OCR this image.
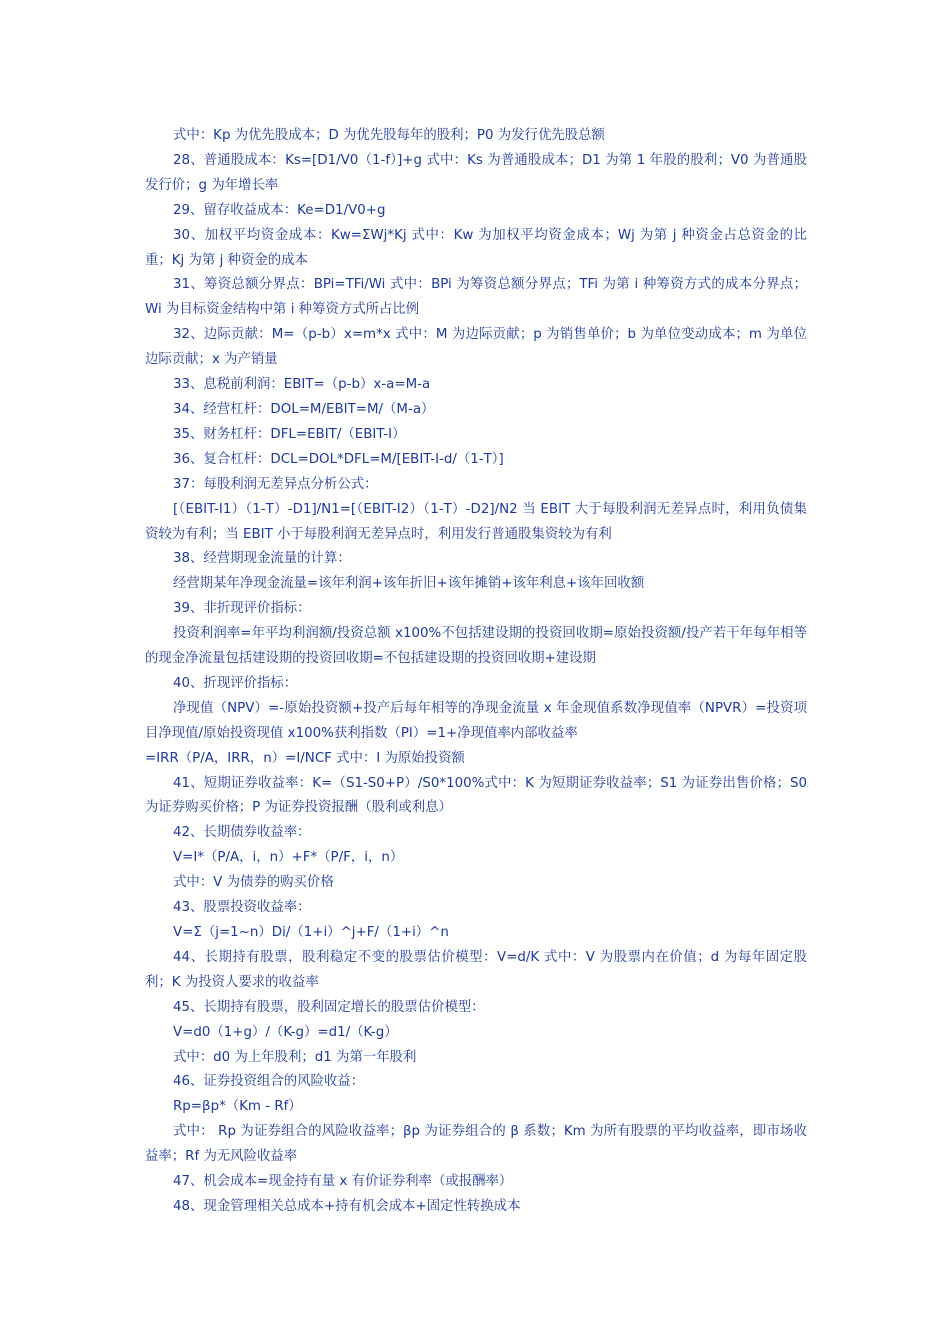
式中：Kp 为优先股成本；D 为优先股每年的股利；P0 为发行优先股总额

28、普通股成本：Ks=[D1/V0（1-f）]+g 式中：Ks 为普通股成本；D1 为第 1 年股的股利；V0 为普通股发行价；g 为年增长率

29、留存收益成本：Ke=D1/V0+g

30、加权平均资金成本：Kw=ΣWj*Kj 式中：Kw 为加权平均资金成本；Wj 为第 j 种资金占总资金的比重；Kj 为第 j 种资金的成本

31、筹资总额分界点：BPi=TFi/Wi 式中：BPi 为筹资总额分界点；TFi 为第 i 种筹资方式的成本分界点；Wi 为目标资金结构中第 i 种筹资方式所占比例

32、边际贡献：M=（p-b）x=m*x 式中：M 为边际贡献；p 为销售单价；b 为单位变动成本；m 为单位边际贡献；x 为产销量

33、息税前利润：EBIT=（p-b）x-a=M-a

34、经营杠杆：DOL=M/EBIT=M/（M-a）

35、财务杠杆：DFL=EBIT/（EBIT-I）

36、复合杠杆：DCL=DOL*DFL=M/[EBIT-I-d/（1-T）]

37：每股利润无差异点分析公式：

[（EBIT-I1）（1-T）-D1]/N1=[（EBIT-I2）（1-T）-D2]/N2 当 EBIT 大于每股利润无差异点时，利用负债集资较为有利；当 EBIT 小于每股利润无差异点时，利用发行普通股集资较为有利

38、经营期现金流量的计算：

经营期某年净现金流量=该年利润+该年折旧+该年摊销+该年利息+该年回收额

39、非折现评价指标：

投资利润率=年平均利润额/投资总额 x100%不包括建设期的投资回收期=原始投资额/投产若干年每年相等的现金净流量包括建设期的投资回收期=不包括建设期的投资回收期+建设期

40、折现评价指标：

净现值（NPV）=-原始投资额+投产后每年相等的净现金流量 x 年金现值系数净现值率（NPVR）=投资项目净现值/原始投资现值 x100%获利指数（PI）=1+净现值率内部收益率

=IRR（P/A，IRR，n）=I/NCF 式中：I 为原始投资额

41、短期证券收益率：K=（S1-S0+P）/S0*100%式中：K 为短期证券收益率；S1 为证券出售价格；S0 为证券购买价格；P 为证券投资报酬（股利或利息）

42、长期债券收益率：

V=I*（P/A，i，n）+F*（P/F，i，n）

式中：V 为债券的购买价格

43、股票投资收益率：

V=Σ（j=1~n）Di/（1+i）^j+F/（1+i）^n

44、长期持有股票，股利稳定不变的股票估价模型：V=d/K 式中：V 为股票内在价值；d 为每年固定股利；K 为投资人要求的收益率

45、长期持有股票，股利固定增长的股票估价模型：

V=d0（1+g）/（K-g）=d1/（K-g）

式中：d0 为上年股利；d1 为第一年股利

46、证券投资组合的风险收益：

Rp=βp*（Km - Rf）

式中： Rp 为证券组合的风险收益率；βp 为证券组合的 β 系数；Km 为所有股票的平均收益率，即市场收益率；Rf 为无风险收益率

47、机会成本=现金持有量 x 有价证券利率（或报酬率）

48、现金管理相关总成本+持有机会成本+固定性转换成本
